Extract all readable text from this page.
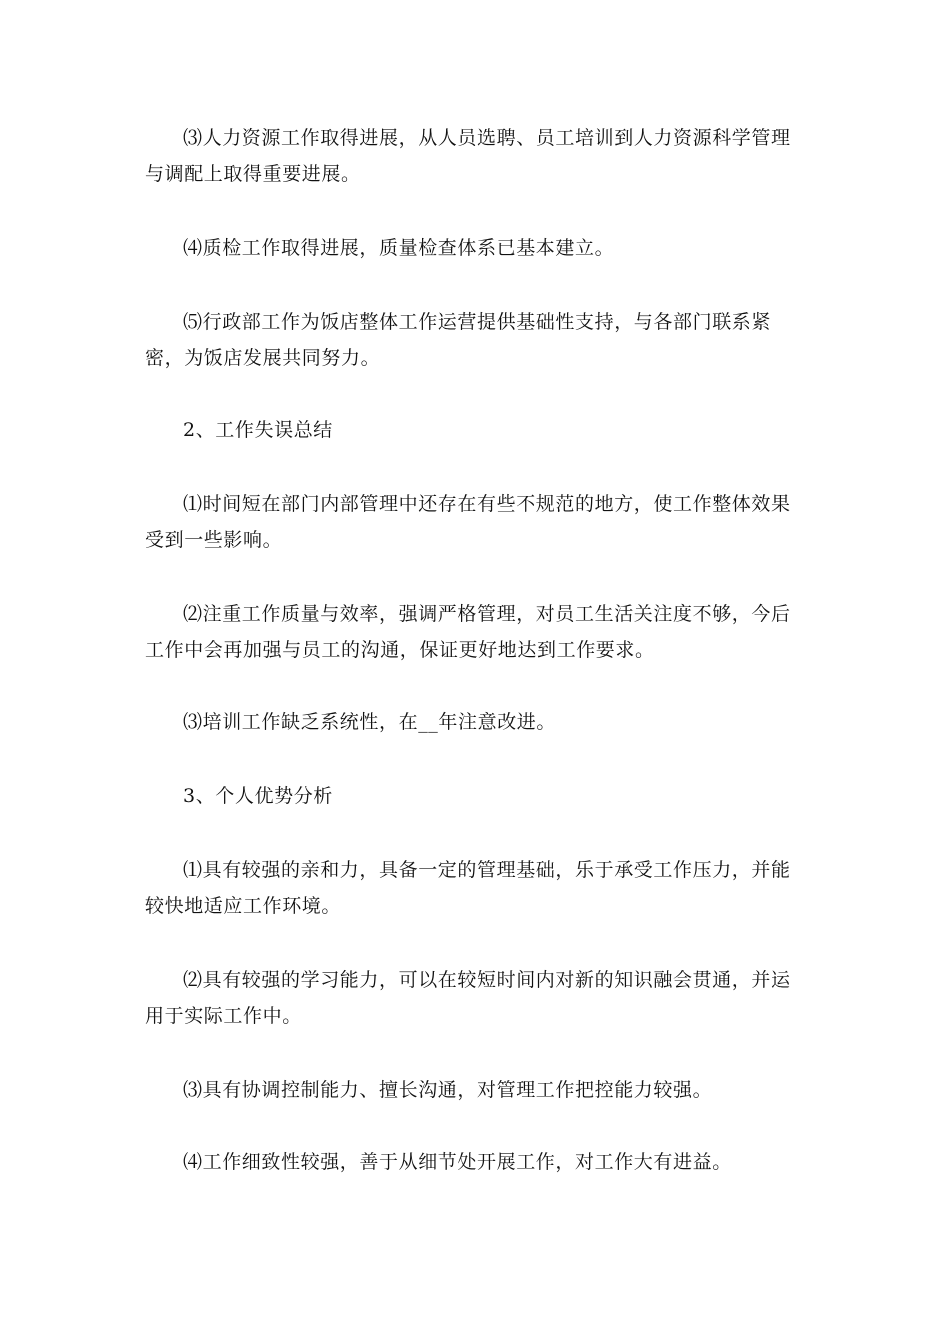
⑶人力资源工作取得进展，从人员选聘、员工培训到人力资源科学管理与调配上取得重要进展。

⑷质检工作取得进展，质量检查体系已基本建立。

⑸行政部工作为饭店整体工作运营提供基础性支持，与各部门联系紧密，为饭店发展共同努力。

2、工作失误总结

⑴时间短在部门内部管理中还存在有些不规范的地方，使工作整体效果受到一些影响。

⑵注重工作质量与效率，强调严格管理，对员工生活关注度不够，今后工作中会再加强与员工的沟通，保证更好地达到工作要求。

⑶培训工作缺乏系统性，在__年注意改进。

3、个人优势分析

⑴具有较强的亲和力，具备一定的管理基础，乐于承受工作压力，并能较快地适应工作环境。

⑵具有较强的学习能力，可以在较短时间内对新的知识融会贯通，并运用于实际工作中。

⑶具有协调控制能力、擅长沟通，对管理工作把控能力较强。

⑷工作细致性较强，善于从细节处开展工作，对工作大有进益。
